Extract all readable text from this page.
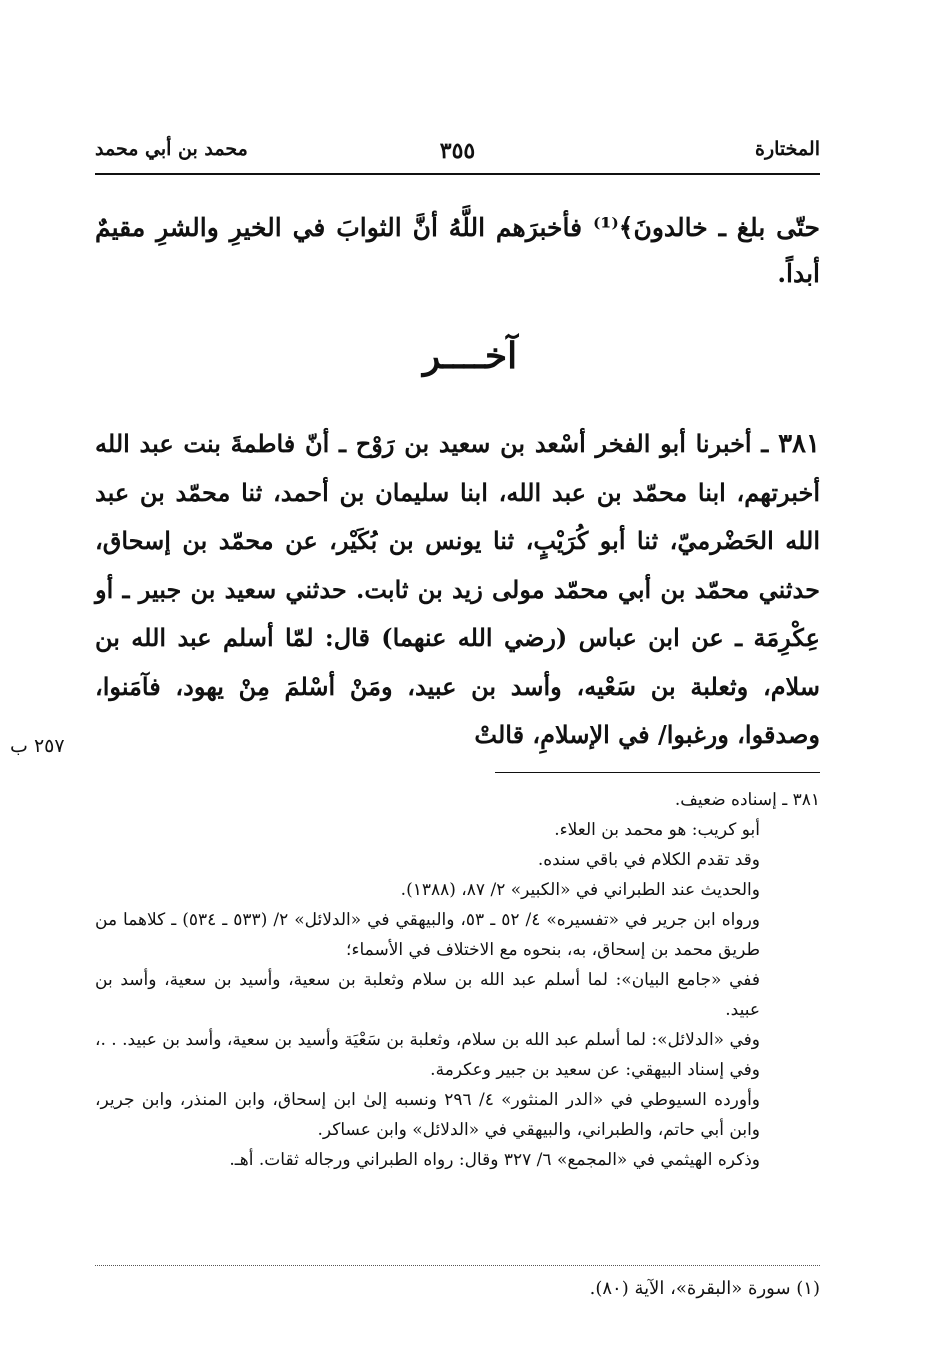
المختارة
٣٥٥
محمد بن أبي محمد
حتّى بلغ ـ خالدونَ﴾⁽¹⁾ فأخبرَهم اللَّهُ أنَّ الثوابَ في الخيرِ والشرِ مقيمٌ أبداً.
آخــــر
٣٨١ ـ أخبرنا أبو الفخر أسْعد بن سعيد بن رَوْح ـ أنّ فاطمةَ بنت عبد الله أخبرتهم، ابنا محمّد بن عبد الله، ابنا سليمان بن أحمد، ثنا محمّد بن عبد الله الحَضْرميّ، ثنا أبو كُرَيْبٍ، ثنا يونس بن بُكَيْر، عن محمّد بن إسحاق، حدثني محمّد بن أبي محمّد مولى زيد بن ثابت. حدثني سعيد بن جبير ـ أو عِكْرِمَة ـ عن ابن عباس (رضي الله عنهما) قال: لمّا أسلم عبد الله بن سلام، وثعلبة بن سَعْيه، وأسد بن عبيد، ومَنْ أسْلمَ مِنْ يهود، فآمَنوا، وصدقوا، ورغبوا/ في الإسلامِ، قالتْ
٢٥٧ ب
٣٨١ ـ إسناده ضعيف.
أبو كريب: هو محمد بن العلاء.
وقد تقدم الكلام في باقي سنده.
والحديث عند الطبراني في «الكبير» ٢/ ٨٧، (١٣٨٨).
ورواه ابن جرير في «تفسيره» ٤/ ٥٢ ـ ٥٣، والبيهقي في «الدلائل» ٢/ (٥٣٣ ـ ٥٣٤) ـ كلاهما من طريق محمد بن إسحاق، به، بنحوه مع الاختلاف في الأسماء؛
ففي «جامع البيان»: لما أسلم عبد الله بن سلام وثعلبة بن سعية، وأسيد بن سعية، وأسد بن عبيد.
وفي «الدلائل»: لما أسلم عبد الله بن سلام، وثعلبة بن سَعْيَة وأسيد بن سعية، وأسد بن عبيد. . .، وفي إسناد البيهقي: عن سعيد بن جبير وعكرمة.
وأورده السيوطي في «الدر المنثور» ٤/ ٢٩٦ ونسبه إلىٰ ابن إسحاق، وابن المنذر، وابن جرير، وابن أبي حاتم، والطبراني، والبيهقي في «الدلائل» وابن عساكر.
وذكره الهيثمي في «المجمع» ٦/ ٣٢٧ وقال: رواه الطبراني ورجاله ثقات. أهـ.
(١) سورة «البقرة»، الآية (٨٠).
